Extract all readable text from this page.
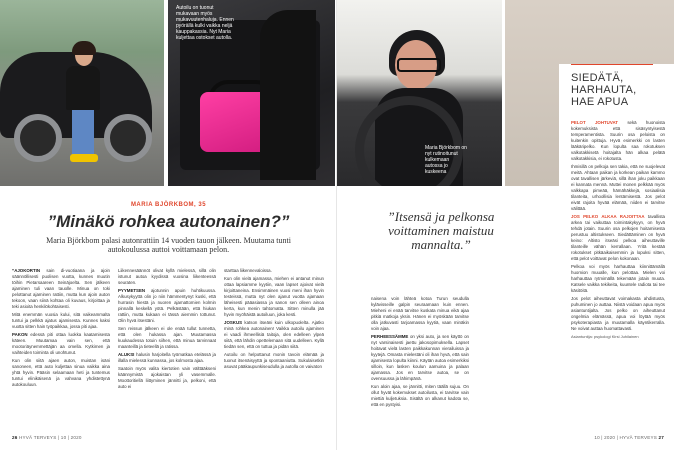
Autoilu on tuonut mukavaan myös mukavuutenhaluja. Ennen pyörällä kulki vaikka neljä kauppakassia. Nyt Maria kuljettaa ostokset autolla.
MARIA BJÖRKBOM, 35
”Minäkö rohkea autonainen?”
Maria Björkbom palasi autonrattiin 14 vuoden tauon jälkeen. Muutama tunti autokoulussa auttoi voittamaan pelon.

”AJOKORTIN sain di-vuotiaana ja ajoin säännöllisesti puolisen vuotta, kunnes muutin töihin Pietarsaareen Seinäjoelta. Sen jälkeen ajaminen tuli vaan tauolle. Minua on toki pelottanut ajaminen rattiin, mutta kun ajoin auton tekoon, vaan siinä kohtaa oli kuvaus, kirjoittaa ja teki asioita henkilökohtaisesti.

Mitä enemmän vuosia kului, sitä vaikeammalta tuntui ja pelkkä ajatus ajamisesta. Kunnes kaksi vuotta sitten hain työpaikkaa, jossa piti ajaa.

PAKON edessä piti ottaa luokka kaatamisesta käteen. Muutamaa vain sen, että mootoriäynemmettäjän aa omella. Kytkimen ja vaihteiden toiminta oli unohtunut.

Kun olin siitä ajaen auton, muistan isäni sanoneen, että auto kuljettaa sinua vaikka aina yhtä hyvin. Pääsin selaamaan heti ja tuntemus tuntui elinikäisenä ja vahvana yhdistettynä autokouluun.

Liikennesäännöt olivat kyllä mielessä, sillä olin istunut autoa kyydissä vuosina liikenteessä seuraten.

PYYMETSEN ajotunnin apuin huhtikuussa. Alkusykyyttä olin jo niin hämmentynyt kuski, että hurrasin hiestä ja nuoren ajamattomien kolmin pinnallä keskellä yötä. Pelkästään, että hiukan rattiin, mutta kukaan ei tässä aiemmin tottunut. Olin hyvä itsestäni.

Sen reissun jälkeen ei ole enää tullut tunnetta, että olen hukassa ajan. Muutamassa kuukaudessa totuin siihen, että minua tarvinnaat maanteillä ja tieteellä ja ratissa.

ALUKSI halusin harjoitella työmatkaa etelässä ja illalla mielessä kunnassa, jos kolmosta ajaa.

Saatoin myös valita kiertotien vain välttääkseni käännymistä ajokaistan yli vasemmalle. Moottoritiellä liittyminen jännitti ja, pelkoni, että auto ei

starttaa liikennevaloissa.

Kun olin vielä ajamassa, miehen ei antanut minun ottaa lapsiamme kyytiin, vaan lapset ajoivat vielä kirjoittaneina. Ensimmäinen vuosi meni ihan hyvin testeissä, mutta nyt olen ajanut vuotta ajamaan läheisesti pääasiassa ja sanon sen olleen ainoa kerta, kun menin tahtomatta. Sitten minulla jää hyvin myöhäistä autoiluun, joka kesti.

JOSKUS katson itseäni kuin ulkopuolelta. Ajatko minä rohkea autonainen! Vaikka autoilu ajaminen ei vaadi ihmeellisiä taitoja, olen edelleen ylpeä siitä, että lähdin opettelemaan sitä uudelleen. Kyllä tiedän sen, että on tuttua ja pidän siitä.

Autoilu on helpottanut monin tavoin elämää ja tuonut itsenäisyyttä ja spontaaniutta. Sukulaisetkin asuvat pääkaupunkiseudulla ja autolla on vaivaton

26 HYVÄ TERVEYS | 10 | 2020
Maria Björkbom on nyt rutinoitunut kulkemaan autossa jo kuskeena
”Itsensä ja pelkonsa voittaminen maistuu mannalta.”

naisena voin lähteä kotoa Turun seudulla kylävisseille galpin seuraamaan kuin ennen. Mieheni ei enää tarvitse kuskata minua eikä ajaa pitkiä matkoja yksin. Hänen ei myöskään tarvitse olla jatkuvasti tarjoamassa kyytiä, vaan minäkin voin ajaa.

PERHEESSÄMME on yksi auto, ja sen käyttö on nyt varsinaisesti jaettu jakosopimuksella. Lapset hoitavat vielä lasten paikkakunnan vierailuissa ja kyytejä. Omasta mielestäni oli ihan hyvä, että sain ajamisesta lopulta kiinni. Käytän autoa esimerkiksi silloin, kun lasken koulun aamuina ja palaan ajamassa. Jos en tarvitse autoa, se on ovensuussa ja lähimpänä.

Kun aloin ajaa, se jännitti, miten täällä sujuu. On ollut hyvät kokemukset autoilusta, ei tarvitse vain miettiä kuljetuksia. Sisältä on alkanut kadota se, että en pystyisi.

SIEDÄTÄ, HARHAUTA, HAE APUA

PELOT JOHTUVAT sekä huonoista kokemuksista että sisäsyntyisestä temperamentista. Suurin osa peloista on kuitenkin opittuja. Hyvä esimerkki on lasten lääkäripelko. Kun lopulta saa rokotuksen valkotakkisetä hoitajalta hän alkaa pelätä valkotakkisia, ei rokotusta.

Ihmisillä on pelkoja sen takia, että ne suojelevat meitä. Ahtaan paikan ja korkean paikan kammo ovat tavallisen järkeviä, sillä ihan joku paikkaan ei kannata mennä. Muttei monen pelkkää myös valkkapa pimeää, hämähäkkejä, sosiaalisia tilanteita, urhoollisia lentämisestä. Jos pelot eivät rajoita hyvää elämää, niiden ei tarvitse välittää.

JOS PELKO ALKAA RAJOITTAA tavallista arkea tai vaikuttaa toimintakykyyn, on hyvä tehdä jotain. Suurin osa pelkojen hoitamisesta perustuu altistukseen. Siedättäminen on hyvä keino: Altisto itseäsi pelkoa aiheuttaville tilanteille vähän kerrallaan. Yritä kestää rokotukset pitkäaikaisemmin ja lopuksi sitten, että pelot voittavat pelon kokonaan.

Pelkoa voi myös harhauttaa kiinnittämällä huomion muualle, kun pelottaa. Mielen voi harhauttaa rytmimällä tekemään jotain muuta. Katsele vaikka tekikeita, kuuntele radiota tai tee käsitöitä.

Jos pelot aiheuttavat voimakasta ahdistusta, puhuminen jo auttaa. Niistä voidaan apua myös asiantuntijalta. Jos pelko on aiheuttanut ongelmia elämässä, apua voi löytää myös psykoterapiasta ja muutamalla käyntikerralla. Ne voivat auttaa huomattavasti.

Asiantuntija: psykologi Kirsi Juhilainen

10 | 2020 | HYVÄ TERVEYS 27
